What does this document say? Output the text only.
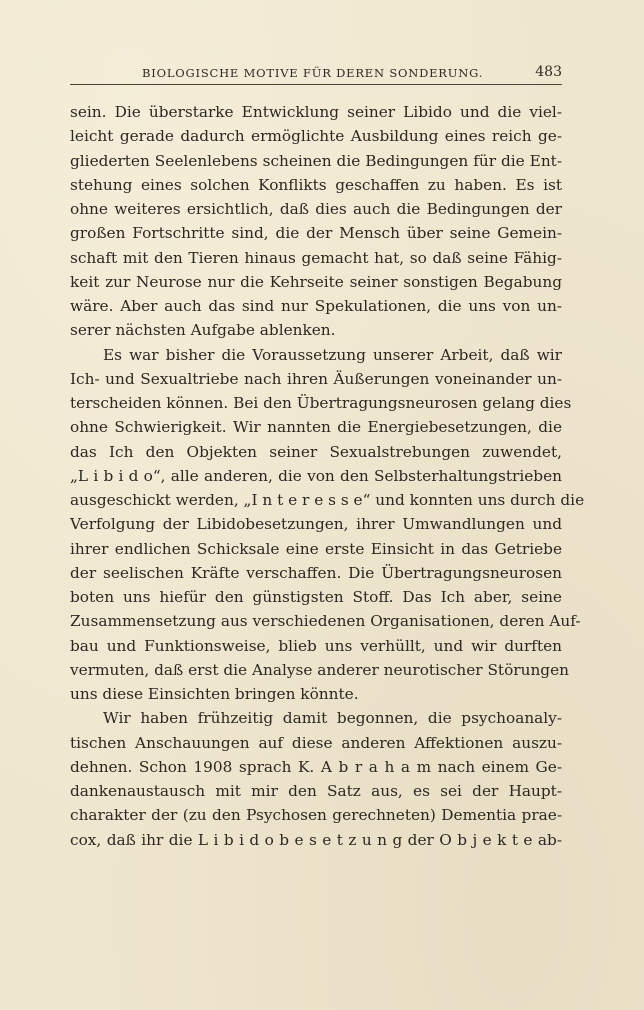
BIOLOGISCHE MOTIVE FÜR DEREN SONDERUNG.	483
sein. Die überstarke Entwicklung seiner Libido und die viel-
leicht gerade dadurch ermöglichte Ausbildung eines reich ge-
gliederten Seelenlebens scheinen die Bedingungen für die Ent-
stehung eines solchen Konflikts geschaffen zu haben. Es ist
ohne weiteres ersichtlich, daß dies auch die Bedingungen der
großen Fortschritte sind, die der Mensch über seine Gemein-
schaft mit den Tieren hinaus gemacht hat, so daß seine Fähig-
keit zur Neurose nur die Kehrseite seiner sonstigen Begabung
wäre. Aber auch das sind nur Spekulationen, die uns von un-
serer nächsten Aufgabe ablenken.
Es war bisher die Voraussetzung unserer Arbeit, daß wir
Ich- und Sexualtriebe nach ihren Äußerungen voneinander un-
terscheiden können. Bei den Übertragungsneurosen gelang dies
ohne Schwierigkeit. Wir nannten die Energiebesetzungen, die
das Ich den Objekten seiner Sexualstrebungen zuwendet,
„L i b i d o“, alle anderen, die von den Selbsterhaltungstrieben
ausgeschickt werden, „I n t e r e s s e“ und konnten uns durch die
Verfolgung der Libidobesetzungen, ihrer Umwandlungen und
ihrer endlichen Schicksale eine erste Einsicht in das Getriebe
der seelischen Kräfte verschaffen. Die Übertragungsneurosen
boten uns hiefür den günstigsten Stoff. Das Ich aber, seine
Zusammensetzung aus verschiedenen Organisationen, deren Auf-
bau und Funktionsweise, blieb uns verhüllt, und wir durften
vermuten, daß erst die Analyse anderer neurotischer Störungen
uns diese Einsichten bringen könnte.
Wir haben frühzeitig damit begonnen, die psychoanaly-
tischen Anschauungen auf diese anderen Affektionen auszu-
dehnen. Schon 1908 sprach K. A b r a h a m nach einem Ge-
dankenaustausch mit mir den Satz aus, es sei der Haupt-
charakter der (zu den Psychosen gerechneten) Dementia prae-
cox, daß ihr die L i b i d o b e s e t z u n g der O b j e k t e ab-
